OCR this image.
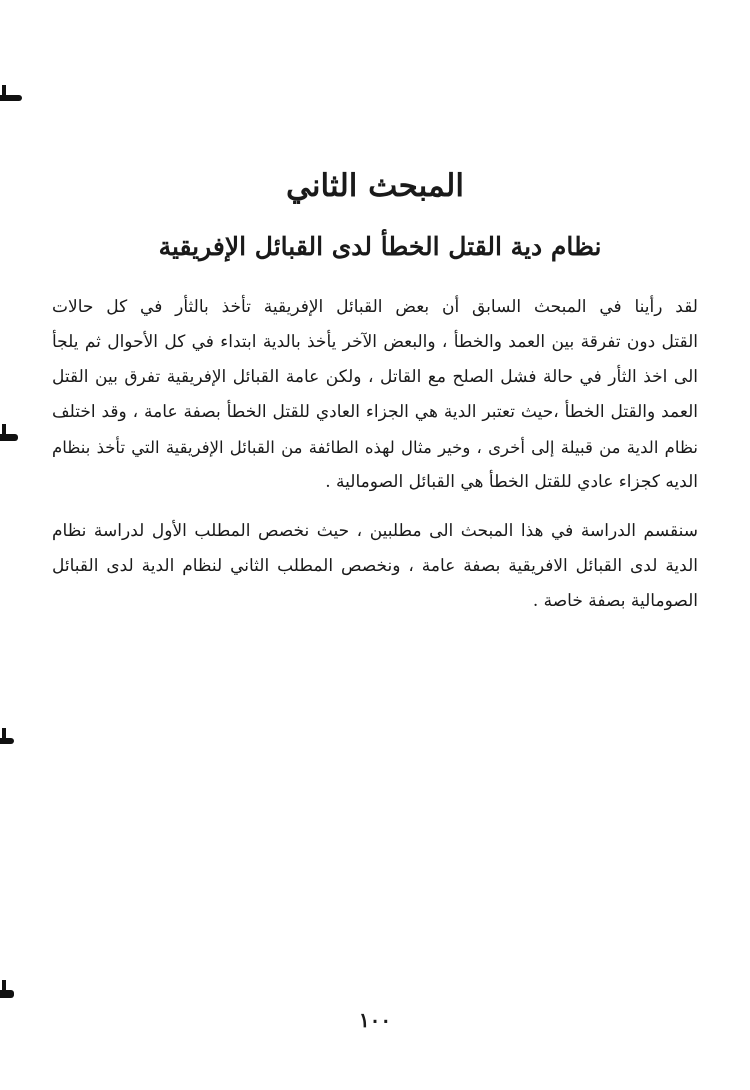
المبحث الثاني
نظام دية القتل الخطأ لدى القبائل الإفريقية
لقد رأينا في المبحث السابق أن بعض القبائل الإفريقية تأخذ بالثأر في كل حالات
القتل دون تفرقة بين العمد والخطأ ، والبعض الآخر يأخذ بالدية ابتداء في كل الأحوال ثم يلجأ
الى اخذ الثأر في حالة فشل الصلح مع القاتل ، ولكن عامة القبائل الإفريقية تفرق بين القتل
العمد والقتل الخطأ ،حيث تعتبر الدية هي الجزاء العادي للقتل الخطأ بصفة عامة ، وقد اختلف
نظام الدية من قبيلة إلى أخرى ، وخير مثال لهذه الطائفة من القبائل الإفريقية التي تأخذ بنظام
الديه كجزاء عادي للقتل الخطأ هي القبائل الصومالية .
سنقسم الدراسة في هذا المبحث الى مطلبين ، حيث نخصص المطلب الأول لدراسة نظام
الدية لدى القبائل الافريقية بصفة عامة ، ونخصص المطلب الثاني لنظام الدية لدى القبائل
الصومالية بصفة خاصة .
١٠٠
